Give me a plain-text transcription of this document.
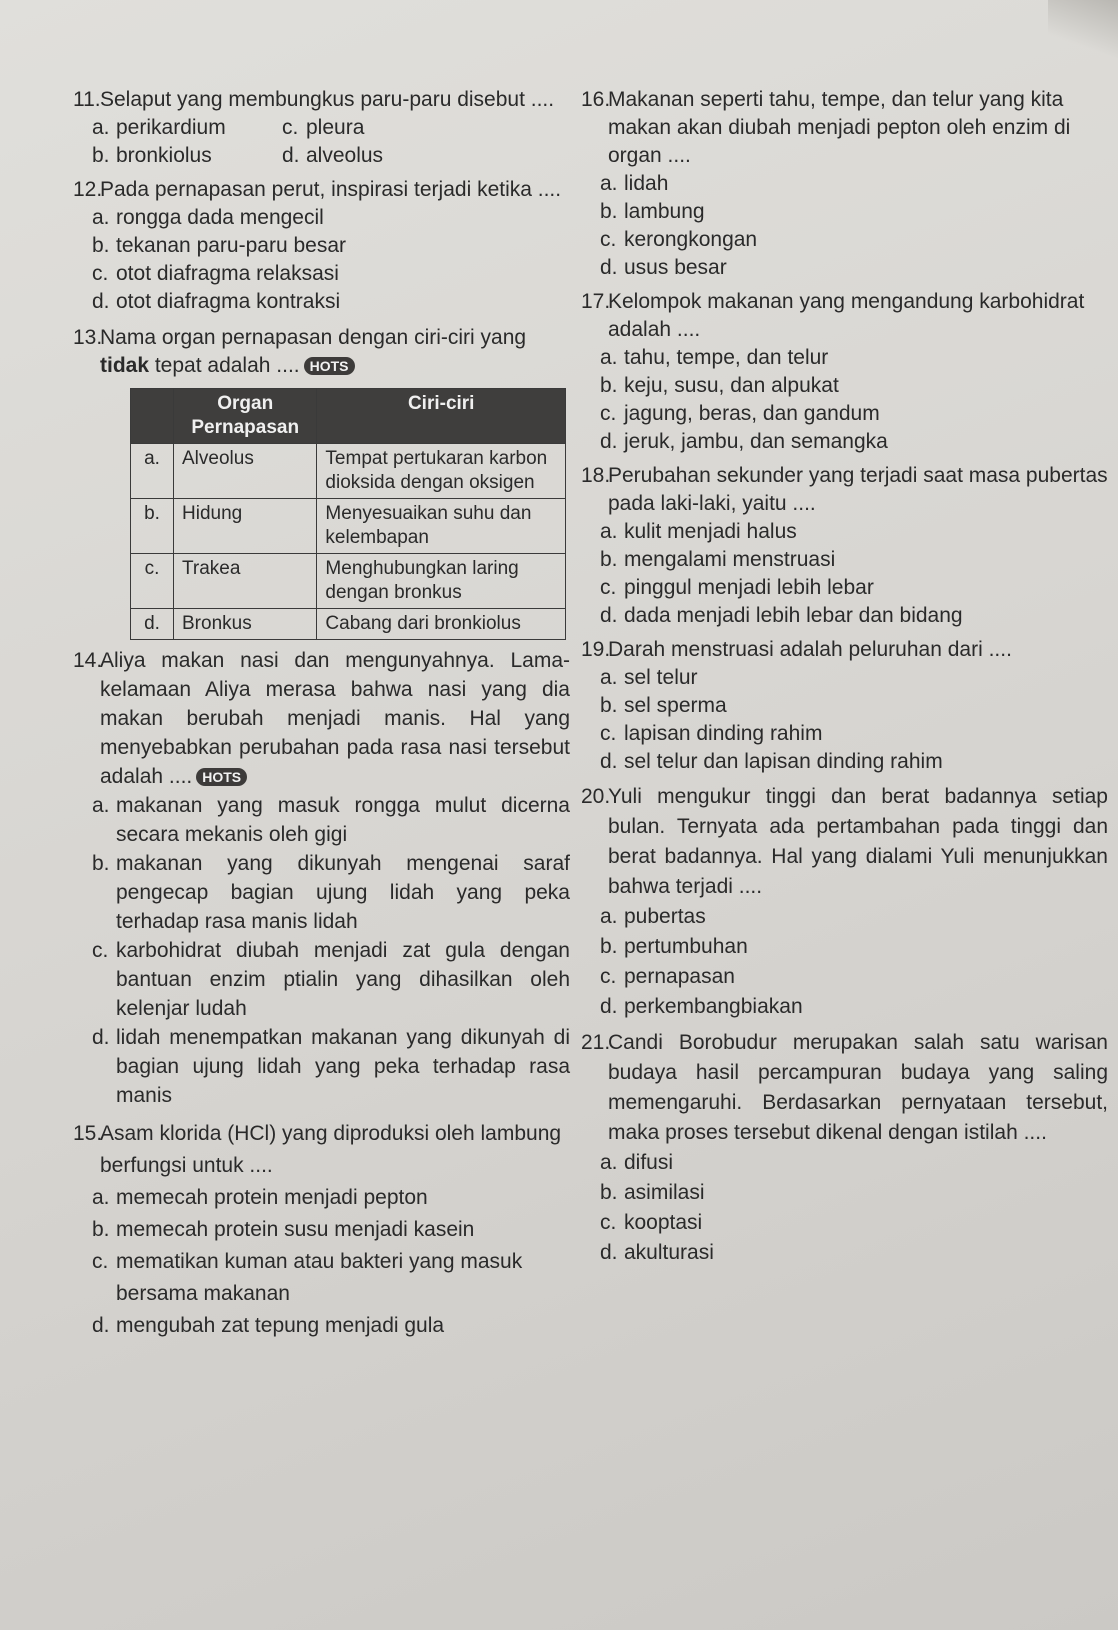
11. Selaput yang membungkus paru-paru disebut ....
a. perikardium	c. pleura
b. bronkiolus	d. alveolus
12.
Pada pernapasan perut, inspirasi terjadi ketika ....
a. rongga dada mengecil
b. tekanan paru-paru besar
c. otot diafragma relaksasi
d. otot diafragma kontraksi
13.
Nama organ pernapasan dengan ciri-ciri yang tidak tepat adalah .... HOTS
	Organ Pernapasan	Ciri-ciri
a.	Alveolus	Tempat pertukaran karbon dioksida dengan oksigen
b.	Hidung	Menyesuaikan suhu dan kelembapan
c.	Trakea	Menghubungkan laring dengan bronkus
d.	Bronkus	Cabang dari bronkiolus
14.
Aliya makan nasi dan mengunyahnya. Lama-kelamaan Aliya merasa bahwa nasi yang dia makan berubah menjadi manis. Hal yang menyebabkan perubahan pada rasa nasi tersebut adalah .... HOTS
a. makanan yang masuk rongga mulut dicerna secara mekanis oleh gigi
b. makanan yang dikunyah mengenai saraf pengecap bagian ujung lidah yang peka terhadap rasa manis lidah
c. karbohidrat diubah menjadi zat gula dengan bantuan enzim ptialin yang dihasilkan oleh kelenjar ludah
d. lidah menempatkan makanan yang dikunyah di bagian ujung lidah yang peka terhadap rasa manis
15.
Asam klorida (HCl) yang diproduksi oleh lambung berfungsi untuk ....
a. memecah protein menjadi pepton
b. memecah protein susu menjadi kasein
c. mematikan kuman atau bakteri yang masuk bersama makanan
d. mengubah zat tepung menjadi gula
16.
Makanan seperti tahu, tempe, dan telur yang kita makan akan diubah menjadi pepton oleh enzim di organ ....
a. lidah
b. lambung
c. kerongkongan
d. usus besar
17.
Kelompok makanan yang mengandung karbohidrat adalah ....
a. tahu, tempe, dan telur
b. keju, susu, dan alpukat
c. jagung, beras, dan gandum
d. jeruk, jambu, dan semangka
18.
Perubahan sekunder yang terjadi saat masa pubertas pada laki-laki, yaitu ....
a. kulit menjadi halus
b. mengalami menstruasi
c. pinggul menjadi lebih lebar
d. dada menjadi lebih lebar dan bidang
19.
Darah menstruasi adalah peluruhan dari ....
a. sel telur
b. sel sperma
c. lapisan dinding rahim
d. sel telur dan lapisan dinding rahim
20.
Yuli mengukur tinggi dan berat badannya setiap bulan. Ternyata ada pertambahan pada tinggi dan berat badannya. Hal yang dialami Yuli menunjukkan bahwa terjadi ....
a. pubertas
b. pertumbuhan
c. pernapasan
d. perkembangbiakan
21.
Candi Borobudur merupakan salah satu warisan budaya hasil percampuran budaya yang saling memengaruhi. Berdasarkan pernyataan tersebut, maka proses tersebut dikenal dengan istilah ....
a. difusi
b. asimilasi
c. kooptasi
d. akulturasi
